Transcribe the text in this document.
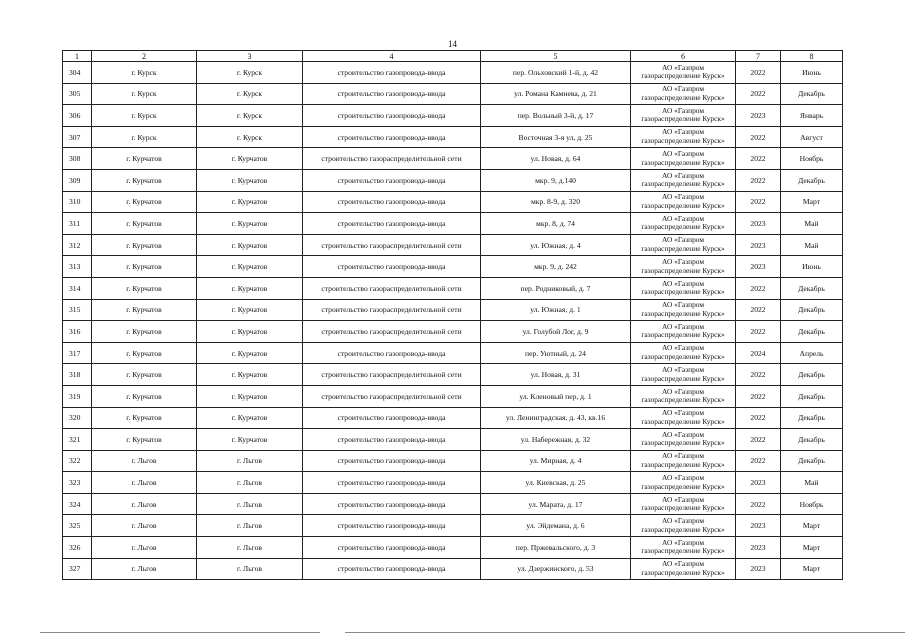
14
1	2	3	4	5	6	7	8
304	г. Курск	г. Курск	строительство газопровода-ввода	пер. Ольховский 1-й, д. 42	АО «Газпром
газораспределение Курск»	2022	Июнь
305	г. Курск	г. Курск	строительство газопровода-ввода	ул. Романа Камнева, д. 21	АО «Газпром
газораспределение Курск»	2022	Декабрь
306	г. Курск	г. Курск	строительство газопровода-ввода	пер. Вольный 3-й, д. 17	АО «Газпром
газораспределение Курск»	2023	Январь
307	г. Курск	г. Курск	строительство газопровода-ввода	Восточная 3-я ул, д. 25	АО «Газпром
газораспределение Курск»	2022	Август
308	г. Курчатов	г. Курчатов	строительство газораспределительной сети	ул. Новая, д. 64	АО «Газпром
газораспределение Курск»	2022	Ноябрь
309	г. Курчатов	г. Курчатов	строительство газопровода-ввода	мкр. 9, д.140	АО «Газпром
газораспределение Курск»	2022	Декабрь
310	г. Курчатов	г. Курчатов	строительство газопровода-ввода	мкр. 8-9, д. 320	АО «Газпром
газораспределение Курск»	2022	Март
311	г. Курчатов	г. Курчатов	строительство газопровода-ввода	мкр. 8, д. 74	АО «Газпром
газораспределение Курск»	2023	Май
312	г. Курчатов	г. Курчатов	строительство газораспределительной сети	ул. Южная, д. 4	АО «Газпром
газораспределение Курск»	2023	Май
313	г. Курчатов	г. Курчатов	строительство газопровода-ввода	мкр. 9, д. 242	АО «Газпром
газораспределение Курск»	2023	Июнь
314	г. Курчатов	г. Курчатов	строительство газораспределительной сети	пер. Родниковый, д. 7	АО «Газпром
газораспределение Курск»	2022	Декабрь
315	г. Курчатов	г. Курчатов	строительство газораспределительной сети	ул. Южная, д. 1	АО «Газпром
газораспределение Курск»	2022	Декабрь
316	г. Курчатов	г. Курчатов	строительство газораспределительной сети	ул. Голубой Лог, д. 9	АО «Газпром
газораспределение Курск»	2022	Декабрь
317	г. Курчатов	г. Курчатов	строительство газопровода-ввода	пер. Уютный, д. 24	АО «Газпром
газораспределение Курск»	2024	Апрель
318	г. Курчатов	г. Курчатов	строительство газораспределительной сети	ул. Новая, д. 31	АО «Газпром
газораспределение Курск»	2022	Декабрь
319	г. Курчатов	г. Курчатов	строительство газораспределительной сети	ул. Кленовый пер, д. 1	АО «Газпром
газораспределение Курск»	2022	Декабрь
320	г. Курчатов	г. Курчатов	строительство газопровода-ввода	ул. Ленинградская, д. 43, кв.16	АО «Газпром
газораспределение Курск»	2022	Декабрь
321	г. Курчатов	г. Курчатов	строительство газопровода-ввода	ул. Набережная, д. 32	АО «Газпром
газораспределение Курск»	2022	Декабрь
322	г. Льгов	г. Льгов	строительство газопровода-ввода	ул. Мирная, д. 4	АО «Газпром
газораспределение Курск»	2022	Декабрь
323	г. Льгов	г. Льгов	строительство газопровода-ввода	ул. Киевская, д. 25	АО «Газпром
газораспределение Курск»	2023	Май
324	г. Льгов	г. Льгов	строительство газопровода-ввода	ул. Марата, д. 17	АО «Газпром
газораспределение Курск»	2022	Ноябрь
325	г. Льгов	г. Льгов	строительство газопровода-ввода	ул. Эйдемана, д. 6	АО «Газпром
газораспределение Курск»	2023	Март
326	г. Льгов	г. Льгов	строительство газопровода-ввода	пер. Пржевальского, д. 3	АО «Газпром
газораспределение Курск»	2023	Март
327	г. Льгов	г. Льгов	строительство газопровода-ввода	ул. Дзержинского, д. 53	АО «Газпром
газораспределение Курск»	2023	Март
